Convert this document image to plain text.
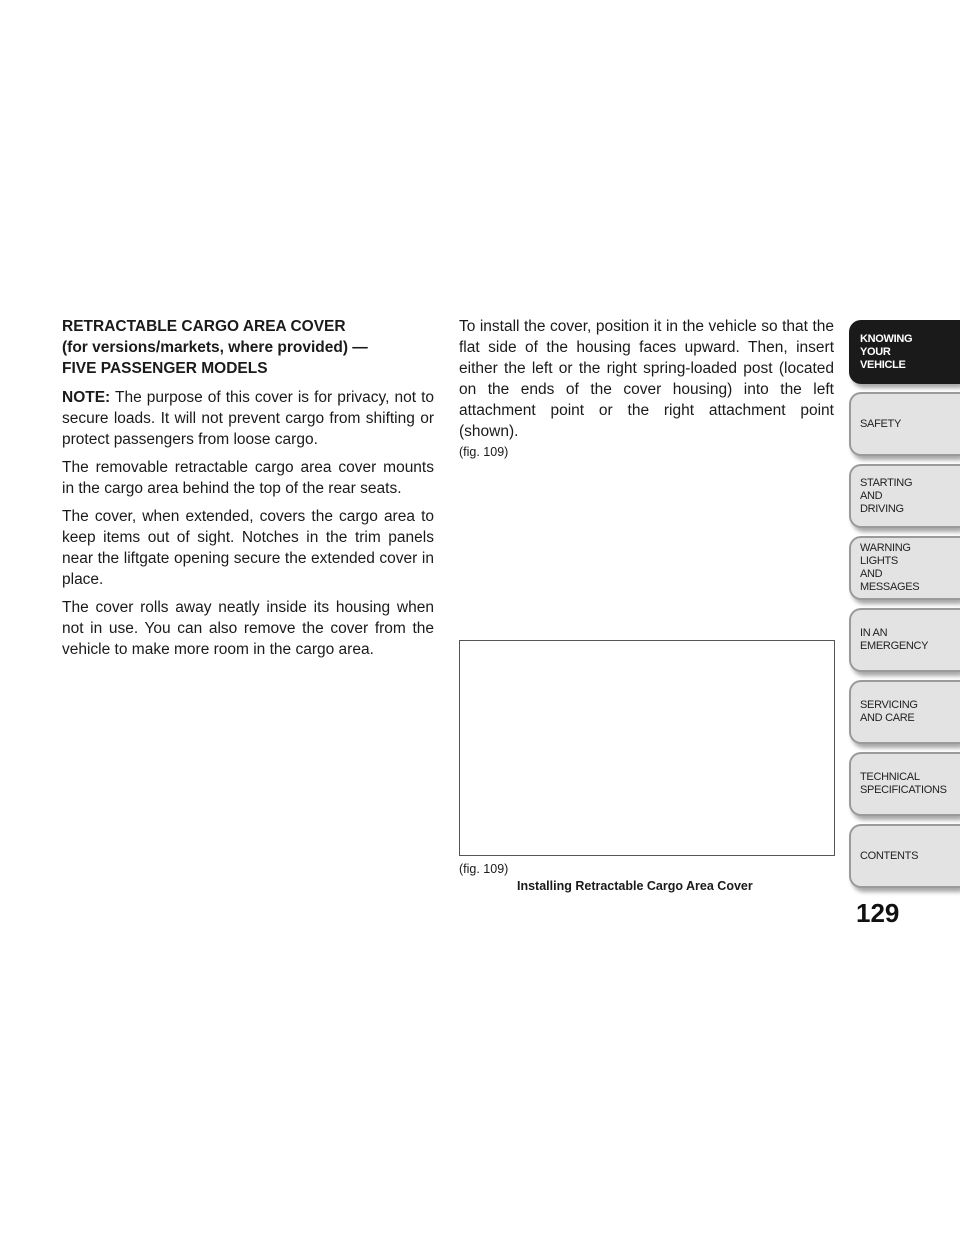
RETRACTABLE CARGO AREA COVER
(for versions/markets, where provided) —
FIVE PASSENGER MODELS

NOTE: The purpose of this cover is for privacy, not to secure loads. It will not prevent cargo from shifting or protect passengers from loose cargo.

The removable retractable cargo area cover mounts in the cargo area behind the top of the rear seats.

The cover, when extended, covers the cargo area to keep items out of sight. Notches in the trim panels near the liftgate opening secure the extended cover in place.

The cover rolls away neatly inside its housing when not in use. You can also remove the cover from the vehicle to make more room in the cargo area.

To install the cover, position it in the vehicle so that the flat side of the housing faces upward. Then, insert either the left or the right spring-loaded post (located on the ends of the cover housing) into the left attachment point or the right attachment point (shown).
(fig. 109)

(fig. 109)
Installing Retractable Cargo Area Cover
KNOWING
YOUR
VEHICLE
SAFETY
STARTING
AND
DRIVING
WARNING
LIGHTS
AND
MESSAGES
IN AN
EMERGENCY
SERVICING
AND CARE
TECHNICAL
SPECIFICATIONS
CONTENTS
129
